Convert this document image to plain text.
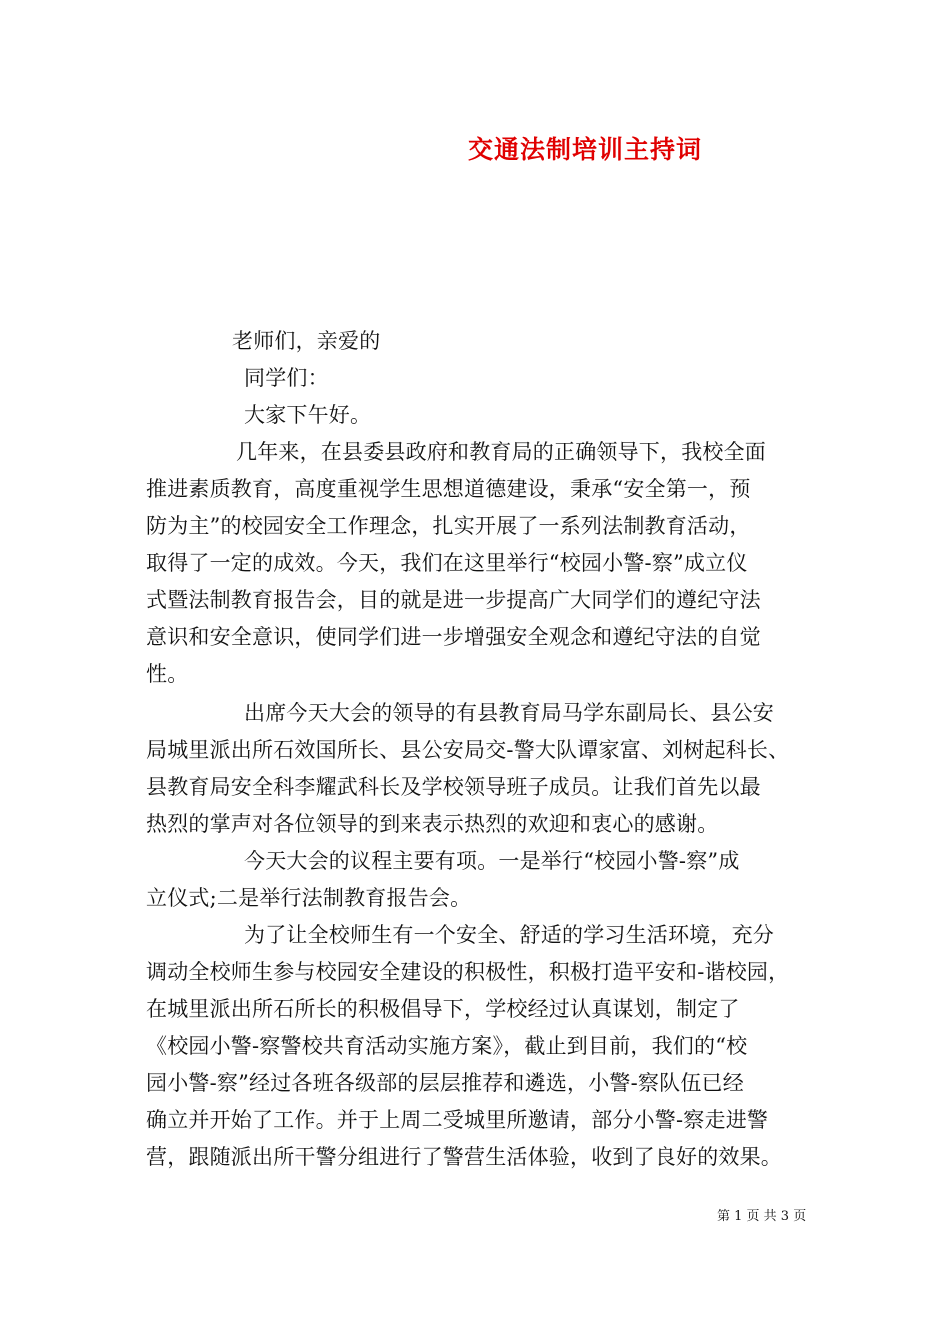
交通法制培训主持词
老师们，亲爱的
同学们：
大家下午好。
几年来，在县委县政府和教育局的正确领导下，我校全面
推进素质教育，高度重视学生思想道德建设，秉承“安全第一，预
防为主”的校园安全工作理念，扎实开展了一系列法制教育活动，
取得了一定的成效。今天，我们在这里举行“校园小警-察”成立仪
式暨法制教育报告会，目的就是进一步提高广大同学们的遵纪守法
意识和安全意识，使同学们进一步增强安全观念和遵纪守法的自觉
性。
出席今天大会的领导的有县教育局马学东副局长、县公安
局城里派出所石效国所长、县公安局交-警大队谭家富、刘树起科长、
县教育局安全科李耀武科长及学校领导班子成员。让我们首先以最
热烈的掌声对各位领导的到来表示热烈的欢迎和衷心的感谢。
今天大会的议程主要有项。一是举行“校园小警-察”成
立仪式;二是举行法制教育报告会。
为了让全校师生有一个安全、舒适的学习生活环境，充分
调动全校师生参与校园安全建设的积极性，积极打造平安和-谐校园，
在城里派出所石所长的积极倡导下，学校经过认真谋划，制定了
《校园小警-察警校共育活动实施方案》，截止到目前，我们的“校
园小警-察”经过各班各级部的层层推荐和遴选，小警-察队伍已经
确立并开始了工作。并于上周二受城里所邀请，部分小警-察走进警
营，跟随派出所干警分组进行了警营生活体验，收到了良好的效果。
第 1 页 共 3 页
